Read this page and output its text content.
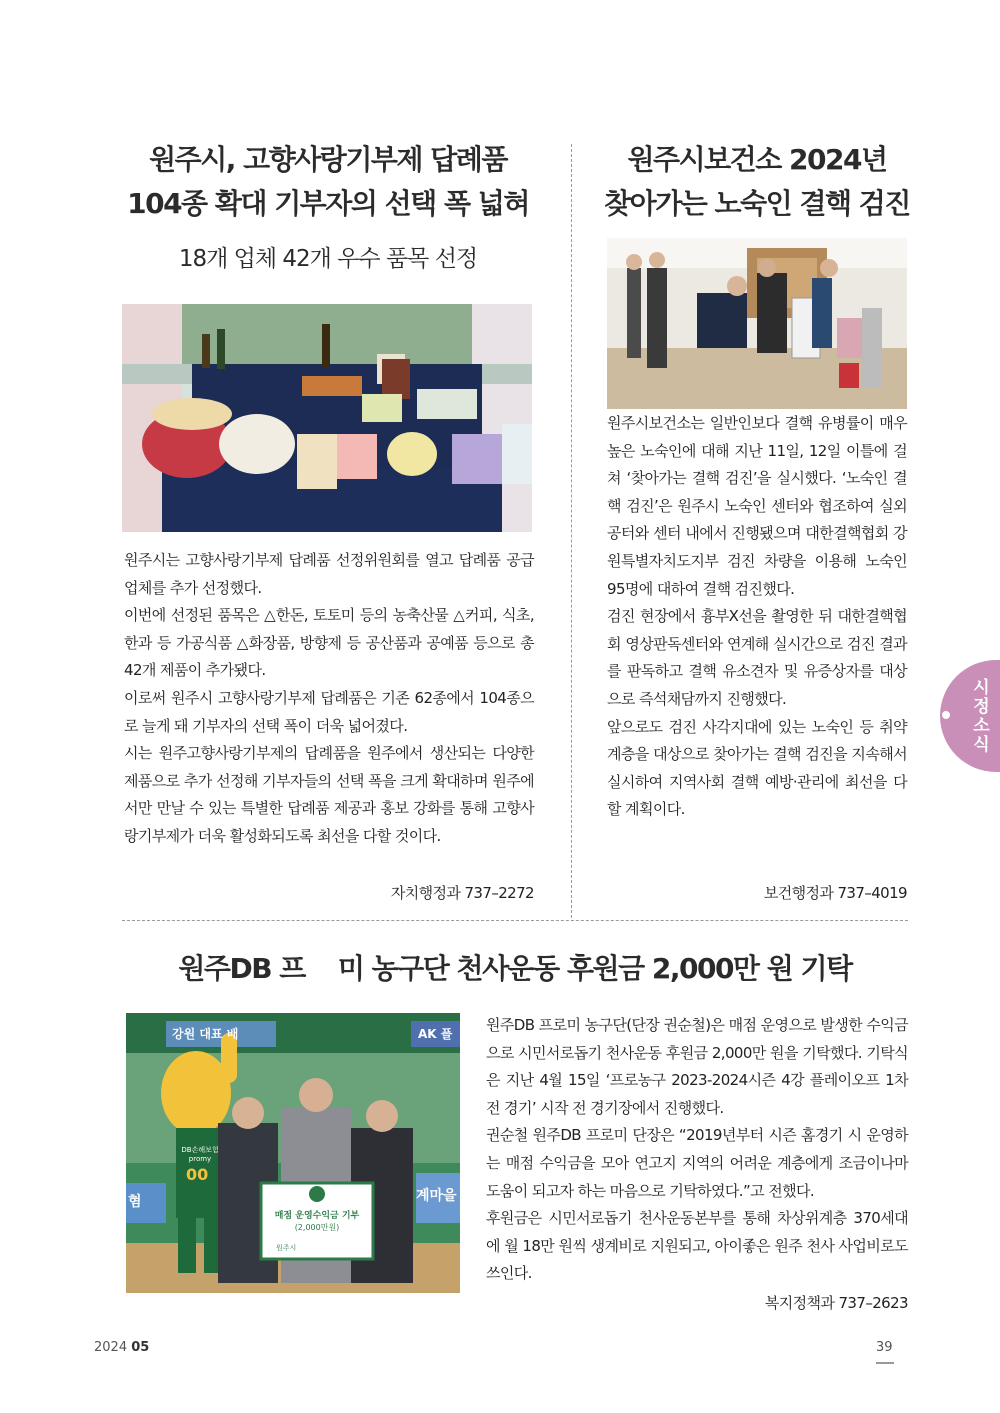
원주시, 고향사랑기부제 답례품
104종 확대 기부자의 선택 폭 넓혀
18개 업체 42개 우수 품목 선정

원주시는 고향사랑기부제 답례품 선정위원회를 열고 답례품 공급업체를 추가 선정했다.

이번에 선정된 품목은 △한돈, 토토미 등의 농축산물 △커피, 식초, 한과 등 가공식품 △화장품, 방향제 등 공산품과 공예품 등으로 총 42개 제품이 추가됐다.

이로써 원주시 고향사랑기부제 답례품은 기존 62종에서 104종으로 늘게 돼 기부자의 선택 폭이 더욱 넓어졌다.

시는 원주고향사랑기부제의 답례품을 원주에서 생산되는 다양한 제품으로 추가 선정해 기부자들의 선택 폭을 크게 확대하며 원주에서만 만날 수 있는 특별한 답례품 제공과 홍보 강화를 통해 고향사랑기부제가 더욱 활성화되도록 최선을 다할 것이다.

자치행정과 737–2272
원주시보건소 2024년
찾아가는 노숙인 결핵 검진

원주시보건소는 일반인보다 결핵 유병률이 매우 높은 노숙인에 대해 지난 11일, 12일 이틀에 걸쳐 ‘찾아가는 결핵 검진’을 실시했다. ‘노숙인 결핵 검진’은 원주시 노숙인 센터와 협조하여 실외 공터와 센터 내에서 진행됐으며 대한결핵협회 강원특별자치도지부 검진 차량을 이용해 노숙인 95명에 대하여 결핵 검진했다.

검진 현장에서 흉부X선을 촬영한 뒤 대한결핵협회 영상판독센터와 연계해 실시간으로 검진 결과를 판독하고 결핵 유소견자 및 유증상자를 대상으로 즉석채담까지 진행했다.

앞으로도 검진 사각지대에 있는 노숙인 등 취약계층을 대상으로 찾아가는 결핵 검진을 지속해서 실시하여 지역사회 결핵 예방·관리에 최선을 다할 계획이다.

보건행정과 737–4019
원주DB 프    미 농구단 천사운동 후원금 2,000만 원 기탁
강원 대표 배	AK 플
DB손해보험 promy
00
혐	계마을
매점 운영수익금 기부
(2,000만원)
원주시

원주DB 프로미 농구단(단장 권순철)은 매점 운영으로 발생한 수익금으로 시민서로돕기 천사운동 후원금 2,000만 원을 기탁했다. 기탁식은 지난 4월 15일 ‘프로농구 2023-2024시즌 4강 플레이오프 1차전 경기’ 시작 전 경기장에서 진행했다.

권순철 원주DB 프로미 단장은 “2019년부터 시즌 홈경기 시 운영하는 매점 수익금을 모아 연고지 지역의 어려운 계층에게 조금이나마 도움이 되고자 하는 마음으로 기탁하였다.”고 전했다.

후원금은 시민서로돕기 천사운동본부를 통해 차상위계층 370세대에 월 18만 원씩 생계비로 지원되고, 아이좋은 원주 천사 사업비로도 쓰인다.

복지정책과 737–2623
시정소식
2024 05	39
